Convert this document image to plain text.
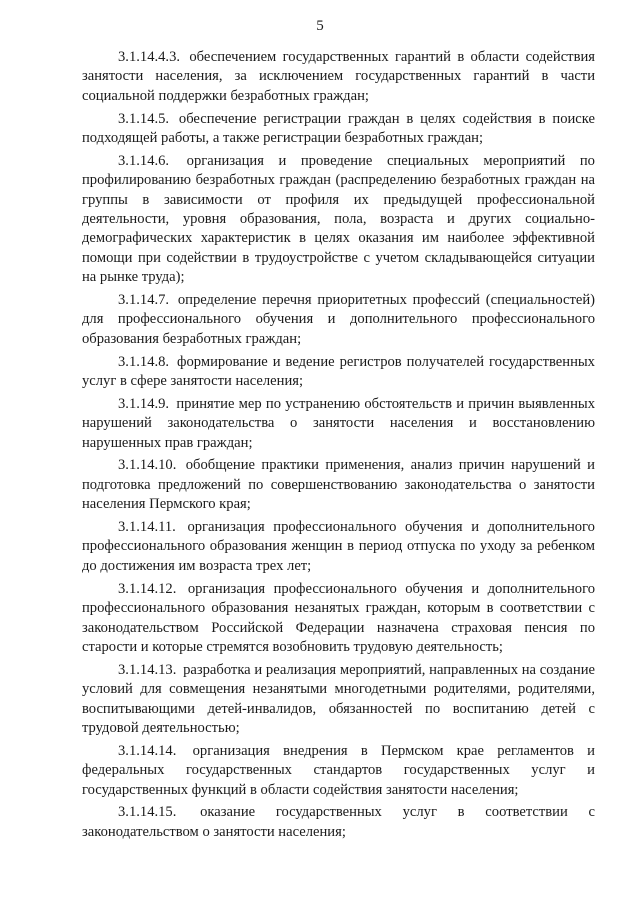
5

3.1.14.4.3. обеспечением государственных гарантий в области содействия занятости населения, за исключением государственных гарантий в части социальной поддержки безработных граждан;

3.1.14.5. обеспечение регистрации граждан в целях содействия в поиске подходящей работы, а также регистрации безработных граждан;

3.1.14.6. организация и проведение специальных мероприятий по профилированию безработных граждан (распределению безработных граждан на группы в зависимости от профиля их предыдущей профессиональной деятельности, уровня образования, пола, возраста и других социально-демографических характеристик в целях оказания им наиболее эффективной помощи при содействии в трудоустройстве с учетом складывающейся ситуации на рынке труда);

3.1.14.7. определение перечня приоритетных профессий (специальностей) для профессионального обучения и дополнительного профессионального образования безработных граждан;

3.1.14.8. формирование и ведение регистров получателей государственных услуг в сфере занятости населения;

3.1.14.9. принятие мер по устранению обстоятельств и причин выявленных нарушений законодательства о занятости населения и восстановлению нарушенных прав граждан;

3.1.14.10. обобщение практики применения, анализ причин нарушений и подготовка предложений по совершенствованию законодательства о занятости населения Пермского края;

3.1.14.11. организация профессионального обучения и дополнительного профессионального образования женщин в период отпуска по уходу за ребенком до достижения им возраста трех лет;

3.1.14.12. организация профессионального обучения и дополнительного профессионального образования незанятых граждан, которым в соответствии с законодательством Российской Федерации назначена страховая пенсия по старости и которые стремятся возобновить трудовую деятельность;

3.1.14.13. разработка и реализация мероприятий, направленных на создание условий для совмещения незанятыми многодетными родителями, родителями, воспитывающими детей-инвалидов, обязанностей по воспитанию детей с трудовой деятельностью;

3.1.14.14. организация внедрения в Пермском крае регламентов и федеральных государственных стандартов государственных услуг и государственных функций в области содействия занятости населения;

3.1.14.15. оказание государственных услуг в соответствии с законодательством о занятости населения;
